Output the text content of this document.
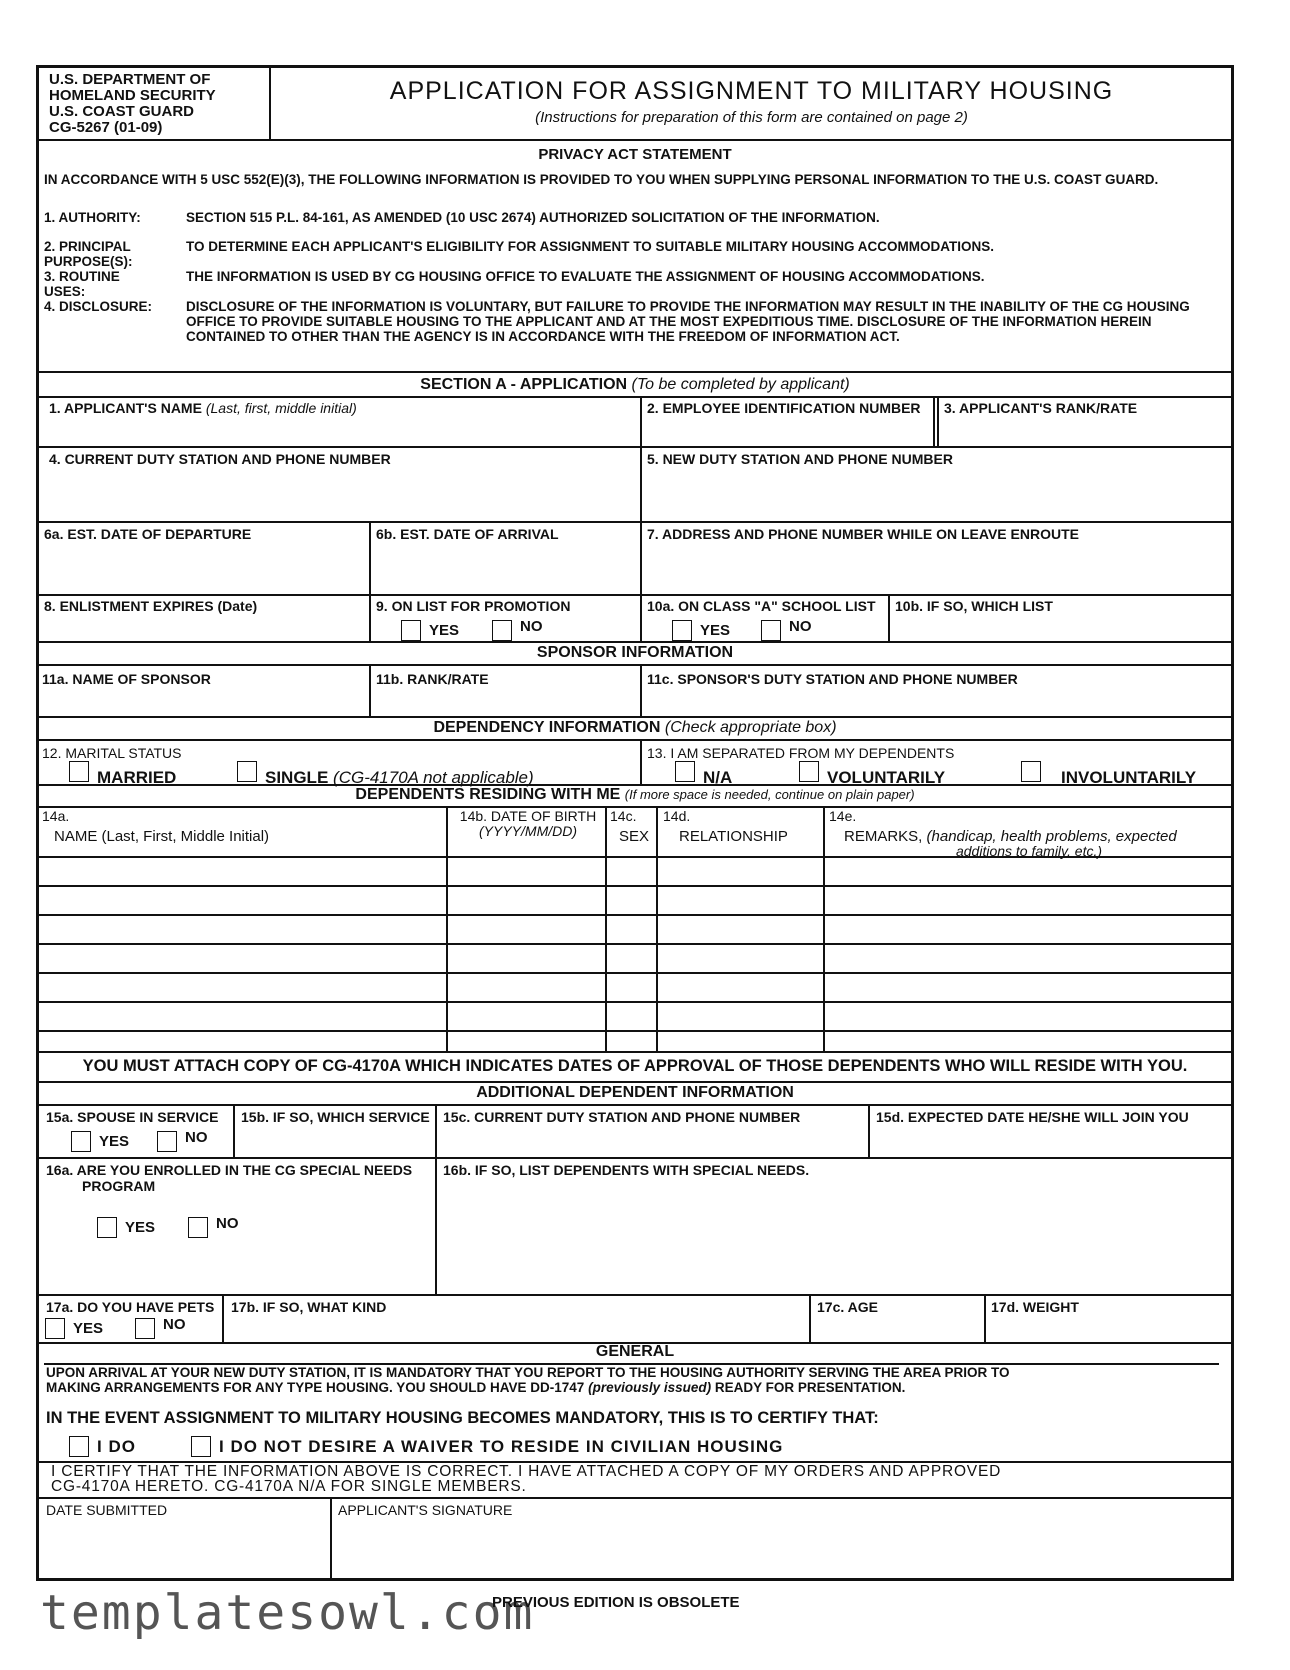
U.S. DEPARTMENT OF
HOMELAND SECURITY
U.S. COAST GUARD
CG-5267 (01-09)
APPLICATION FOR ASSIGNMENT TO MILITARY HOUSING
(Instructions for preparation of this form are contained on page 2)
PRIVACY ACT STATEMENT
IN ACCORDANCE WITH 5 USC 552(E)(3), THE FOLLOWING INFORMATION IS PROVIDED TO YOU WHEN SUPPLYING PERSONAL INFORMATION TO THE U.S. COAST GUARD.
1. AUTHORITY:	SECTION 515 P.L. 84-161, AS AMENDED (10 USC 2674) AUTHORIZED SOLICITATION OF THE INFORMATION.
2. PRINCIPAL PURPOSE(S):
TO DETERMINE EACH APPLICANT'S ELIGIBILITY FOR ASSIGNMENT TO SUITABLE MILITARY HOUSING ACCOMMODATIONS.
3. ROUTINE USES:
THE INFORMATION IS USED BY CG HOUSING OFFICE TO EVALUATE THE ASSIGNMENT OF HOUSING ACCOMMODATIONS.
4. DISCLOSURE:	DISCLOSURE OF THE INFORMATION IS VOLUNTARY, BUT FAILURE TO PROVIDE THE INFORMATION MAY RESULT IN THE INABILITY OF THE CG HOUSING OFFICE TO PROVIDE SUITABLE HOUSING TO THE APPLICANT AND AT THE MOST EXPEDITIOUS TIME. DISCLOSURE OF THE INFORMATION HEREIN CONTAINED TO OTHER THAN THE AGENCY IS IN ACCORDANCE WITH THE FREEDOM OF INFORMATION ACT.
SECTION A - APPLICATION (To be completed by applicant)
1. APPLICANT'S NAME (Last, first, middle initial)	2. EMPLOYEE IDENTIFICATION NUMBER 3. APPLICANT'S RANK/RATE
4. CURRENT DUTY STATION AND PHONE NUMBER	5. NEW DUTY STATION AND PHONE NUMBER
6a. EST. DATE OF DEPARTURE	6b. EST. DATE OF ARRIVAL	7. ADDRESS AND PHONE NUMBER WHILE ON LEAVE ENROUTE
8. ENLISTMENT EXPIRES (Date)	9. ON LIST FOR PROMOTION
YES	NO
10a. ON CLASS "A" SCHOOL LIST
YES	NO
10b. IF SO, WHICH LIST
SPONSOR INFORMATION
11a. NAME OF SPONSOR	11b. RANK/RATE	11c. SPONSOR'S DUTY STATION AND PHONE NUMBER
DEPENDENCY INFORMATION (Check appropriate box)
12. MARITAL STATUS
MARRIED	SINGLE (CG-4170A not applicable)
13. I AM SEPARATED FROM MY DEPENDENTS
N/A	VOLUNTARILY	INVOLUNTARILY
DEPENDENTS RESIDING WITH ME (If more space is needed, continue on plain paper)
14a.
NAME (Last, First, Middle Initial)
14b. DATE OF BIRTH
(YYYY/MM/DD)
14c.
SEX
14d.
RELATIONSHIP
14e.
REMARKS, (handicap, health problems, expected
additions to family, etc.)
YOU MUST ATTACH COPY OF CG-4170A WHICH INDICATES DATES OF APPROVAL OF THOSE DEPENDENTS WHO WILL RESIDE WITH YOU.
ADDITIONAL DEPENDENT INFORMATION
15a. SPOUSE IN SERVICE
YES	NO
15b. IF SO, WHICH SERVICE 15c. CURRENT DUTY STATION AND PHONE NUMBER	15d. EXPECTED DATE HE/SHE WILL JOIN YOU
16a. ARE YOU ENROLLED IN THE CG SPECIAL NEEDS
PROGRAM
YES	NO
16b. IF SO, LIST DEPENDENTS WITH SPECIAL NEEDS.
17a. DO YOU HAVE PETS
YES	NO
17b. IF SO, WHAT KIND	17c. AGE	17d. WEIGHT
GENERAL
UPON ARRIVAL AT YOUR NEW DUTY STATION, IT IS MANDATORY THAT YOU REPORT TO THE HOUSING AUTHORITY SERVING THE AREA PRIOR TO
MAKING ARRANGEMENTS FOR ANY TYPE HOUSING. YOU SHOULD HAVE DD-1747 (previously issued) READY FOR PRESENTATION.
IN THE EVENT ASSIGNMENT TO MILITARY HOUSING BECOMES MANDATORY, THIS IS TO CERTIFY THAT:
I DO	I DO NOT DESIRE A WAIVER TO RESIDE IN CIVILIAN HOUSING
I CERTIFY THAT THE INFORMATION ABOVE IS CORRECT. I HAVE ATTACHED A COPY OF MY ORDERS AND APPROVED
CG-4170A HERETO. CG-4170A N/A FOR SINGLE MEMBERS.
DATE SUBMITTED	APPLICANT'S SIGNATURE
templatesowl.com
PREVIOUS EDITION IS OBSOLETE
